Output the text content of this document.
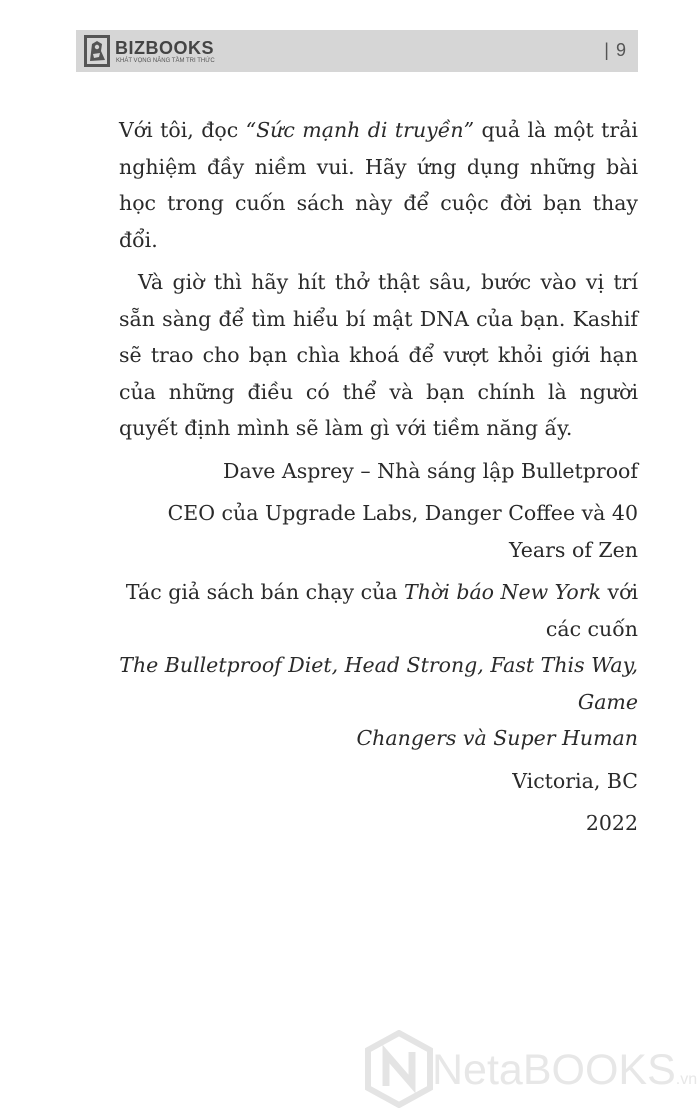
BIZBOOKS
KHÁT VỌNG NÂNG TẦM TRI THỨC
| 9

Với tôi, đọc “Sức mạnh di truyền” quả là một trải nghiệm đầy niềm vui. Hãy ứng dụng những bài học trong cuốn sách này để cuộc đời bạn thay đổi.

Và giờ thì hãy hít thở thật sâu, bước vào vị trí sẵn sàng để tìm hiểu bí mật DNA của bạn. Kashif sẽ trao cho bạn chìa khoá để vượt khỏi giới hạn của những điều có thể và bạn chính là người quyết định mình sẽ làm gì với tiềm năng ấy.

Dave Asprey – Nhà sáng lập Bulletproof

CEO của Upgrade Labs, Danger Coffee và 40 Years of Zen

Tác giả sách bán chạy của Thời báo New York với các cuốn
The Bulletproof Diet, Head Strong, Fast This Way, Game
Changers và Super Human

Victoria, BC

2022

NetaBOOKS.vn
